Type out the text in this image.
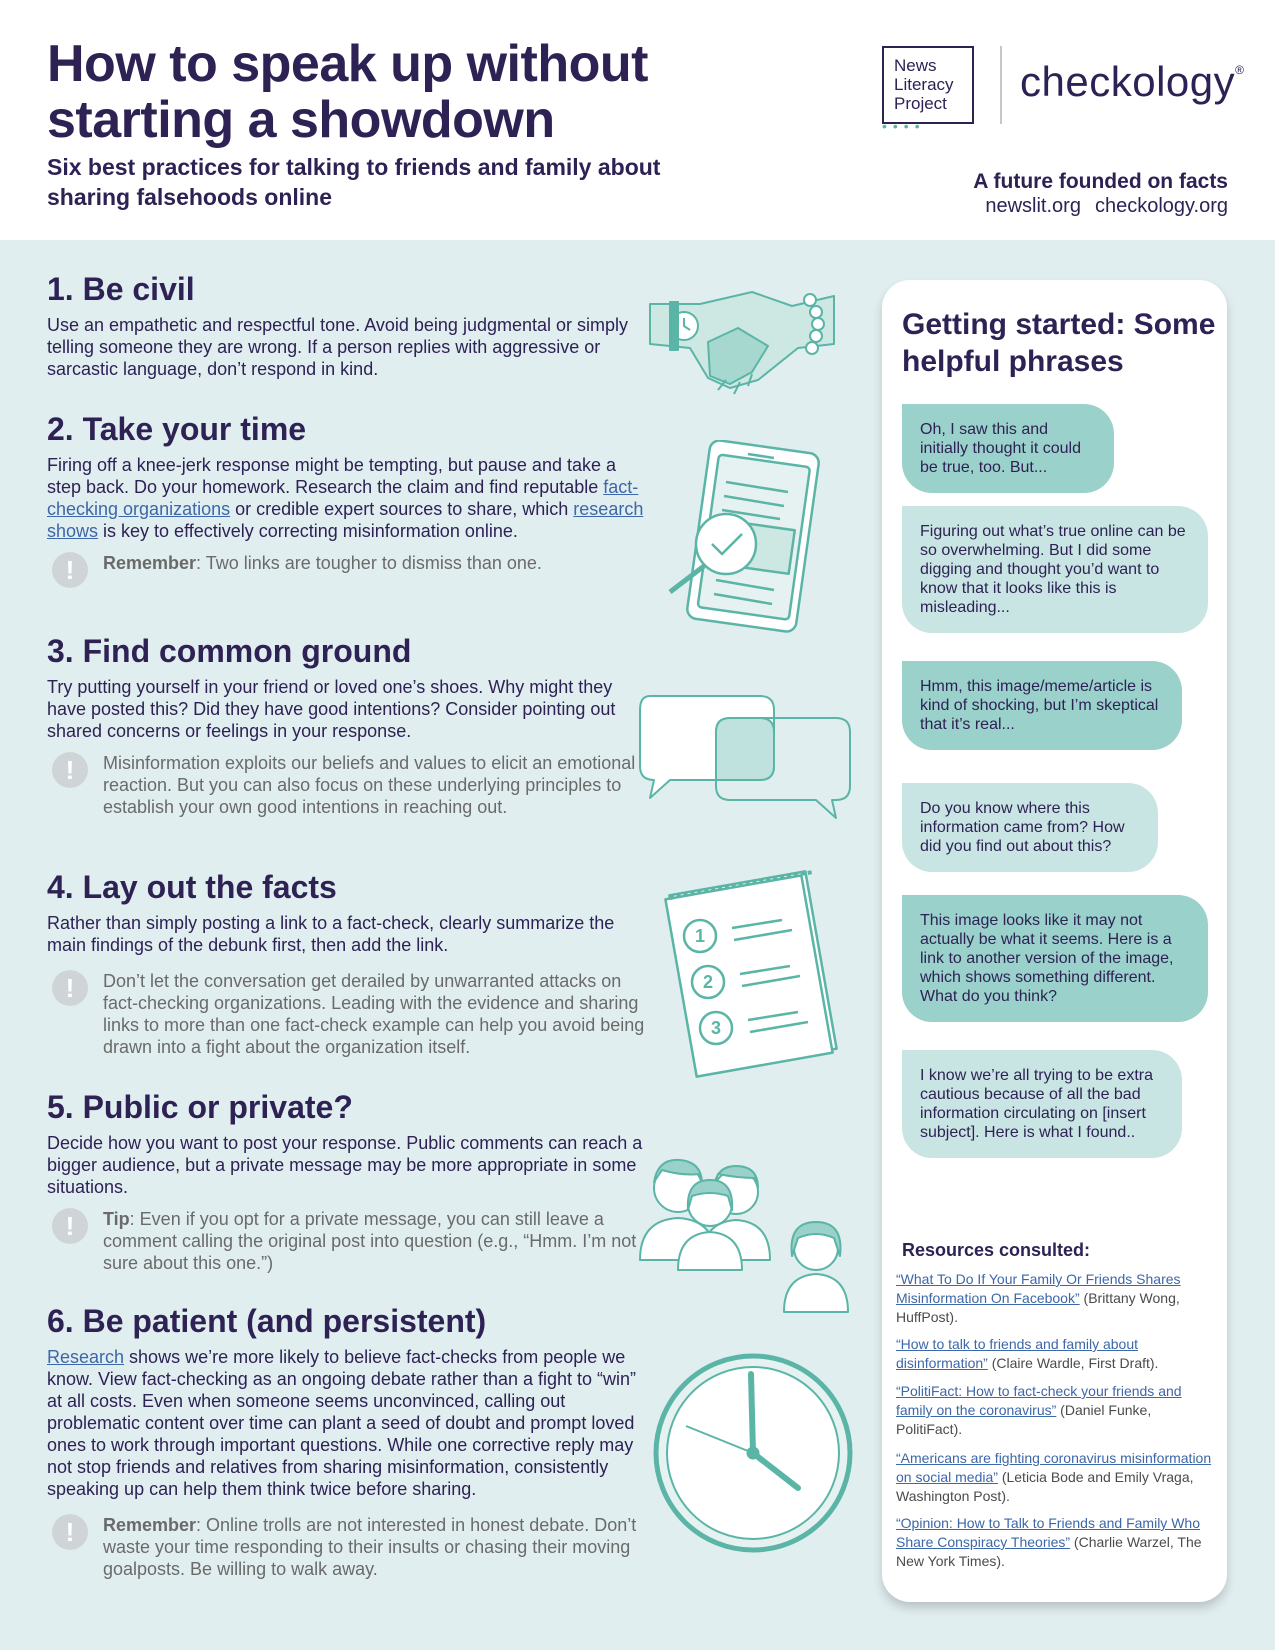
How to speak up without starting a showdown
Six best practices for talking to friends and family about sharing falsehoods online
News
Literacy
Project
••••
checkology®
A future founded on facts
newslit.org checkology.org
1. Be civil

Use an empathetic and respectful tone. Avoid being judgmental or simply telling someone they are wrong. If a person replies with aggressive or sarcastic language, don’t respond in kind.

2. Take your time

Firing off a knee-jerk response might be tempting, but pause and take a step back. Do your homework. Research the claim and find reputable fact-checking organizations or credible expert sources to share, which research shows is key to effectively correcting misinformation online.

!	Remember: Two links are tougher to dismiss than one.
3. Find common ground

Try putting yourself in your friend or loved one’s shoes. Why might they have posted this? Did they have good intentions? Consider pointing out shared concerns or feelings in your response.

!	Misinformation exploits our beliefs and values to elicit an emotional reaction. But you can also focus on these underlying principles to establish your own good intentions in reaching out.
4. Lay out the facts

Rather than simply posting a link to a fact-check, clearly summarize the main findings of the debunk first, then add the link.

!	Don’t let the conversation get derailed by unwarranted attacks on fact-checking organizations. Leading with the evidence and sharing links to more than one fact-check example can help you avoid being drawn into a fight about the organization itself.
5. Public or private?

Decide how you want to post your response. Public comments can reach a bigger audience, but a private message may be more appropriate in some situations.

!	Tip: Even if you opt for a private message, you can still leave a comment calling the original post into question (e.g., “Hmm. I’m not sure about this one.”)
6. Be patient (and persistent)

Research shows we’re more likely to believe fact-checks from people we know. View fact-checking as an ongoing debate rather than a fight to “win” at all costs. Even when someone seems unconvinced, calling out problematic content over time can plant a seed of doubt and prompt loved ones to work through important questions. While one corrective reply may not stop friends and relatives from sharing misinformation, consistently speaking up can help them think twice before sharing.

!	Remember: Online trolls are not interested in honest debate. Don’t waste your time responding to their insults or chasing their moving goalposts. Be willing to walk away.
1
2
3
Getting started: Some helpful phrases
Oh, I saw this and initially thought it could be true, too. But...
Figuring out what’s true online can be so overwhelming. But I did some digging and thought you’d want to know that it looks like this is misleading...
Hmm, this image/meme/article is kind of shocking, but I’m skeptical that it’s real...
Do you know where this information came from? How did you find out about this?
This image looks like it may not actually be what it seems. Here is a link to another version of the image, which shows something different. What do you think?
I know we’re all trying to be extra cautious because of all the bad information circulating on [insert subject]. Here is what I found..
Resources consulted:
“What To Do If Your Family Or Friends Shares Misinformation On Facebook” (Brittany Wong, HuffPost).
“How to talk to friends and family about disinformation” (Claire Wardle, First Draft).
“PolitiFact: How to fact-check your friends and family on the coronavirus” (Daniel Funke, PolitiFact).
“Americans are fighting coronavirus misinformation on social media” (Leticia Bode and Emily Vraga, Washington Post).
“Opinion: How to Talk to Friends and Family Who Share Conspiracy Theories” (Charlie Warzel, The New York Times).
